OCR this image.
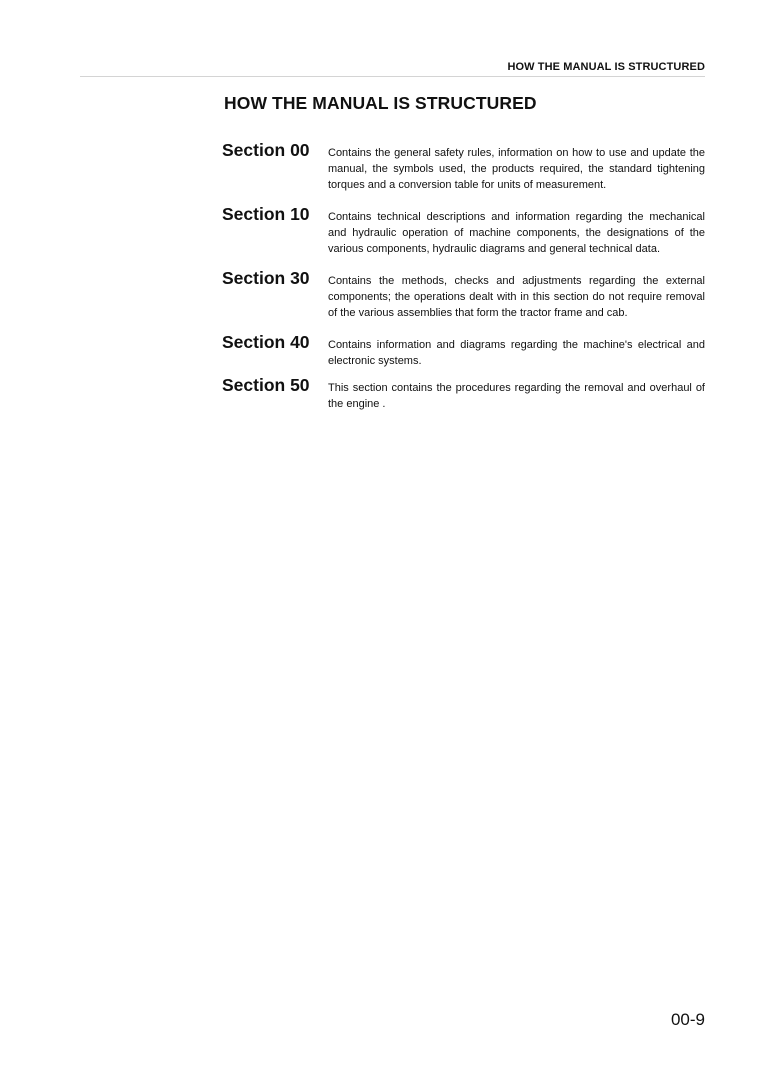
HOW THE MANUAL IS STRUCTURED
HOW THE MANUAL IS STRUCTURED
Section 00 Contains the general safety rules, information on how to use and update the manual, the symbols used, the products required, the standard tightening torques and a conversion table for units of measurement.
Section 10 Contains technical descriptions and information regarding the mechanical and hydraulic operation of machine components, the designations of the various components, hydraulic diagrams and general technical data.
Section 30 Contains the methods, checks and adjustments regarding the external components; the operations dealt with in this section do not require removal of the various assemblies that form the tractor frame and cab.
Section 40 Contains information and diagrams regarding the machine's electrical and electronic systems.
Section 50 This section contains the procedures regarding the removal and overhaul of the engine .
00-9
